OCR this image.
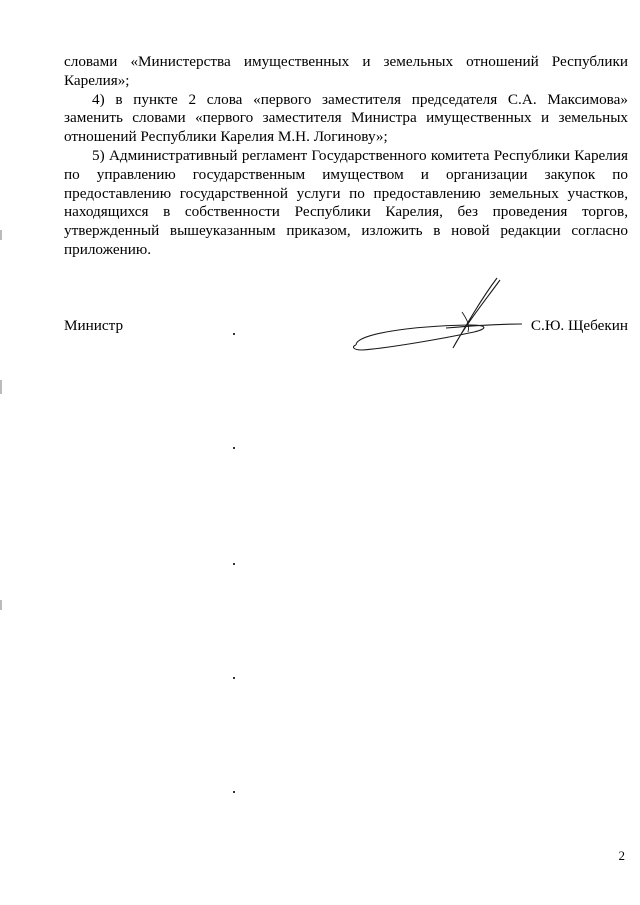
словами «Министерства имущественных и земельных отношений Республики Карелия»;

4) в пункте 2 слова «первого заместителя председателя С.А. Максимова» заменить словами «первого заместителя Министра имущественных и земельных отношений Республики Карелия М.Н. Логинову»;

5) Административный регламент Государственного комитета Республики Карелия по управлению государственным имуществом и организации закупок по предоставлению государственной услуги по предоставлению земельных участков, находящихся в собственности Республики Карелия, без проведения торгов, утвержденный вышеуказанным приказом, изложить в новой редакции согласно приложению.

Министр	С.Ю. Щебекин
2
